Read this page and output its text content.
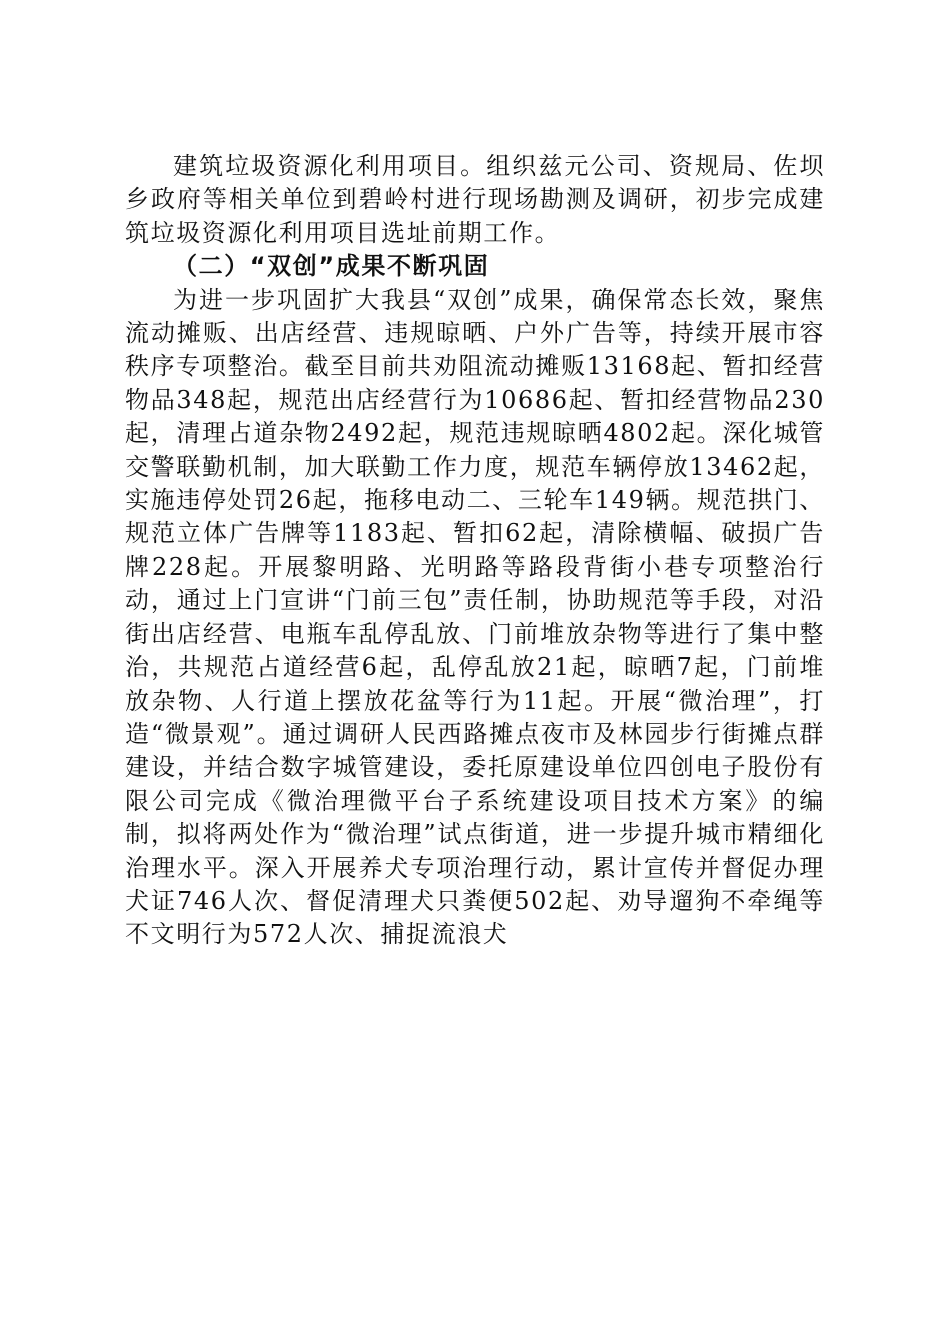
建筑垃圾资源化利用项目。组织兹元公司、资规局、佐坝乡政府等相关单位到碧岭村进行现场勘测及调研，初步完成建筑垃圾资源化利用项目选址前期工作。

（二）“双创”成果不断巩固

为进一步巩固扩大我县“双创”成果，确保常态长效，聚焦流动摊贩、出店经营、违规晾晒、户外广告等，持续开展市容秩序专项整治。截至目前共劝阻流动摊贩13168起、暂扣经营物品348起，规范出店经营行为10686起、暂扣经营物品230起，清理占道杂物2492起，规范违规晾晒4802起。深化城管交警联勤机制，加大联勤工作力度，规范车辆停放13462起，实施违停处罚26起，拖移电动二、三轮车149辆。规范拱门、规范立体广告牌等1183起、暂扣62起，清除横幅、破损广告牌228起。开展黎明路、光明路等路段背街小巷专项整治行动，通过上门宣讲“门前三包”责任制，协助规范等手段，对沿街出店经营、电瓶车乱停乱放、门前堆放杂物等进行了集中整治，共规范占道经营6起，乱停乱放21起，晾晒7起，门前堆放杂物、人行道上摆放花盆等行为11起。开展“微治理”，打造“微景观”。通过调研人民西路摊点夜市及林园步行街摊点群建设，并结合数字城管建设，委托原建设单位四创电子股份有限公司完成《微治理微平台子系统建设项目技术方案》的编制，拟将两处作为“微治理”试点街道，进一步提升城市精细化治理水平。深入开展养犬专项治理行动，累计宣传并督促办理犬证746人次、督促清理犬只粪便502起、劝导遛狗不牵绳等不文明行为572人次、捕捉流浪犬
